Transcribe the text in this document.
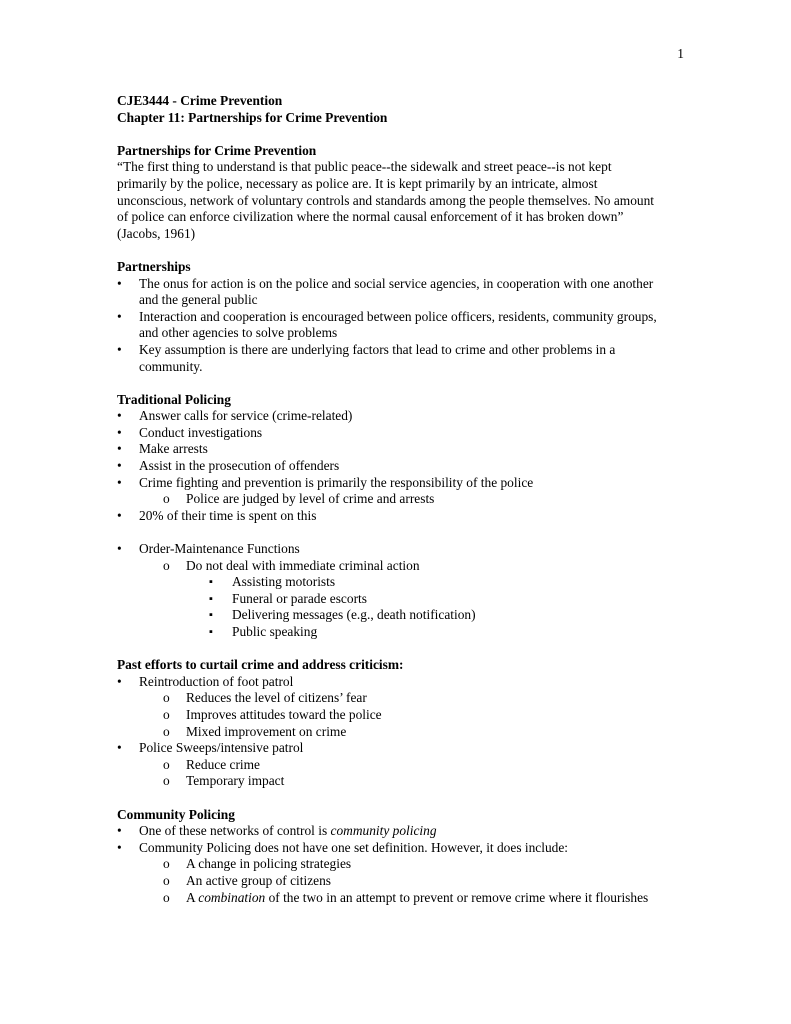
1
CJE3444 - Crime Prevention
Chapter 11: Partnerships for Crime Prevention
Partnerships for Crime Prevention
“The first thing to understand is that public peace--the sidewalk and street peace--is not kept primarily by the police, necessary as police are. It is kept primarily by an intricate, almost unconscious, network of voluntary controls and standards among the people themselves. No amount of police can enforce civilization where the normal causal enforcement of it has broken down” (Jacobs, 1961)
Partnerships
• The onus for action is on the police and social service agencies, in cooperation with one another and the general public
• Interaction and cooperation is encouraged between police officers, residents, community groups, and other agencies to solve problems
• Key assumption is there are underlying factors that lead to crime and other problems in a community.
Traditional Policing
• Answer calls for service (crime-related)
• Conduct investigations
• Make arrests
• Assist in the prosecution of offenders
• Crime fighting and prevention is primarily the responsibility of the police
o Police are judged by level of crime and arrests
• 20% of their time is spent on this
• Order-Maintenance Functions
o Do not deal with immediate criminal action
▪ Assisting motorists
▪ Funeral or parade escorts
▪ Delivering messages (e.g., death notification)
▪ Public speaking
Past efforts to curtail crime and address criticism:
• Reintroduction of foot patrol
o Reduces the level of citizens’ fear
o Improves attitudes toward the police
o Mixed improvement on crime
• Police Sweeps/intensive patrol
o Reduce crime
o Temporary impact
Community Policing
• One of these networks of control is community policing
• Community Policing does not have one set definition. However, it does include:
o A change in policing strategies
o An active group of citizens
o A combination of the two in an attempt to prevent or remove crime where it flourishes
